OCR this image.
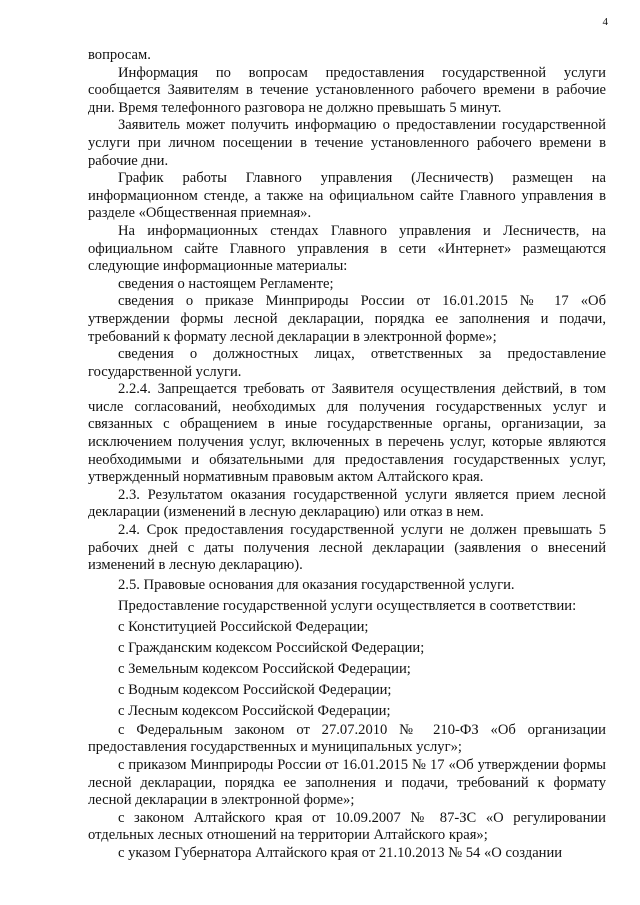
4

вопросам.

Информация по вопросам предоставления государственной услуги сообщается Заявителям в течение установленного рабочего времени в рабочие дни. Время телефонного разговора не должно превышать 5 минут.

Заявитель может получить информацию о предоставлении государственной услуги при личном посещении в течение установленного рабочего времени в рабочие дни.

График работы Главного управления (Лесничеств) размещен на информационном стенде, а также на официальном сайте Главного управления в разделе «Общественная приемная».

На информационных стендах Главного управления и Лесничеств, на официальном сайте Главного управления в сети «Интернет» размещаются следующие информационные материалы:

сведения о настоящем Регламенте;

сведения о приказе Минприроды России от 16.01.2015 № 17 «Об утверждении формы лесной декларации, порядка ее заполнения и подачи, требований к формату лесной декларации в электронной форме»;

сведения о должностных лицах, ответственных за предоставление государственной услуги.

2.2.4. Запрещается требовать от Заявителя осуществления действий, в том числе согласований, необходимых для получения государственных услуг и связанных с обращением в иные государственные органы, организации, за исключением получения услуг, включенных в перечень услуг, которые являются необходимыми и обязательными для предоставления государственных услуг, утвержденный нормативным правовым актом Алтайского края.

2.3. Результатом оказания государственной услуги является прием лесной декларации (изменений в лесную декларацию) или отказ в нем.

2.4. Срок предоставления государственной услуги не должен превышать 5 рабочих дней с даты получения лесной декларации (заявления о внесений изменений в лесную декларацию).

2.5. Правовые основания для оказания государственной услуги.

Предоставление государственной услуги осуществляется в соответствии:

с Конституцией Российской Федерации;

с Гражданским кодексом Российской Федерации;

с Земельным кодексом Российской Федерации;

с Водным кодексом Российской Федерации;

с Лесным кодексом Российской Федерации;

с Федеральным законом от 27.07.2010 № 210-ФЗ «Об организации предоставления государственных и муниципальных услуг»;

с приказом Минприроды России от 16.01.2015 № 17 «Об утверждении формы лесной декларации, порядка ее заполнения и подачи, требований к формату лесной декларации в электронной форме»;

с законом Алтайского края от 10.09.2007 № 87-ЗС «О регулировании отдельных лесных отношений на территории Алтайского края»;

с указом Губернатора Алтайского края от 21.10.2013 № 54 «О создании
